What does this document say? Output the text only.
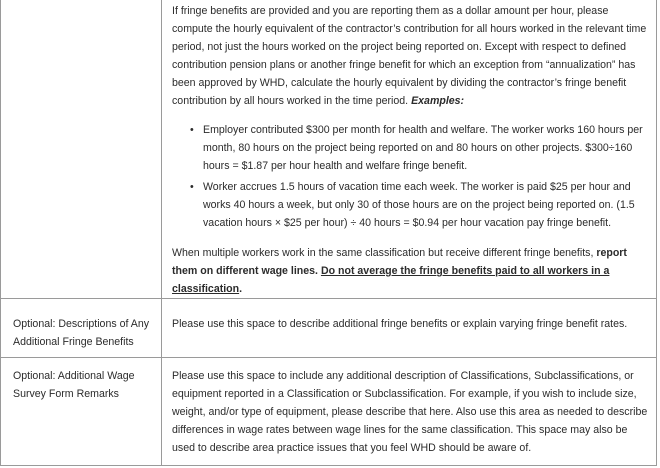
If fringe benefits are provided and you are reporting them as a dollar amount per hour, please compute the hourly equivalent of the contractor’s contribution for all hours worked in the relevant time period, not just the hours worked on the project being reported on. Except with respect to defined contribution pension plans or another fringe benefit for which an exception from “annualization” has been approved by WHD, calculate the hourly equivalent by dividing the contractor’s fringe benefit contribution by all hours worked in the time period. Examples:

• Employer contributed $300 per month for health and welfare. The worker works 160 hours per month, 80 hours on the project being reported on and 80 hours on other projects. $300÷160 hours = $1.87 per hour health and welfare fringe benefit.
• Worker accrues 1.5 hours of vacation time each week. The worker is paid $25 per hour and works 40 hours a week, but only 30 of those hours are on the project being reported on. (1.5 vacation hours × $25 per hour) ÷ 40 hours = $0.94 per hour vacation pay fringe benefit.

When multiple workers work in the same classification but receive different fringe benefits, report them on different wage lines. Do not average the fringe benefits paid to all workers in a classification.

Optional: Descriptions of Any Additional Fringe Benefits
Please use this space to describe additional fringe benefits or explain varying fringe benefit rates.
Optional: Additional Wage Survey Form Remarks
Please use this space to include any additional description of Classifications, Subclassifications, or equipment reported in a Classification or Subclassification. For example, if you wish to include size, weight, and/or type of equipment, please describe that here. Also use this area as needed to describe differences in wage rates between wage lines for the same classification. This space may also be used to describe area practice issues that you feel WHD should be aware of.
